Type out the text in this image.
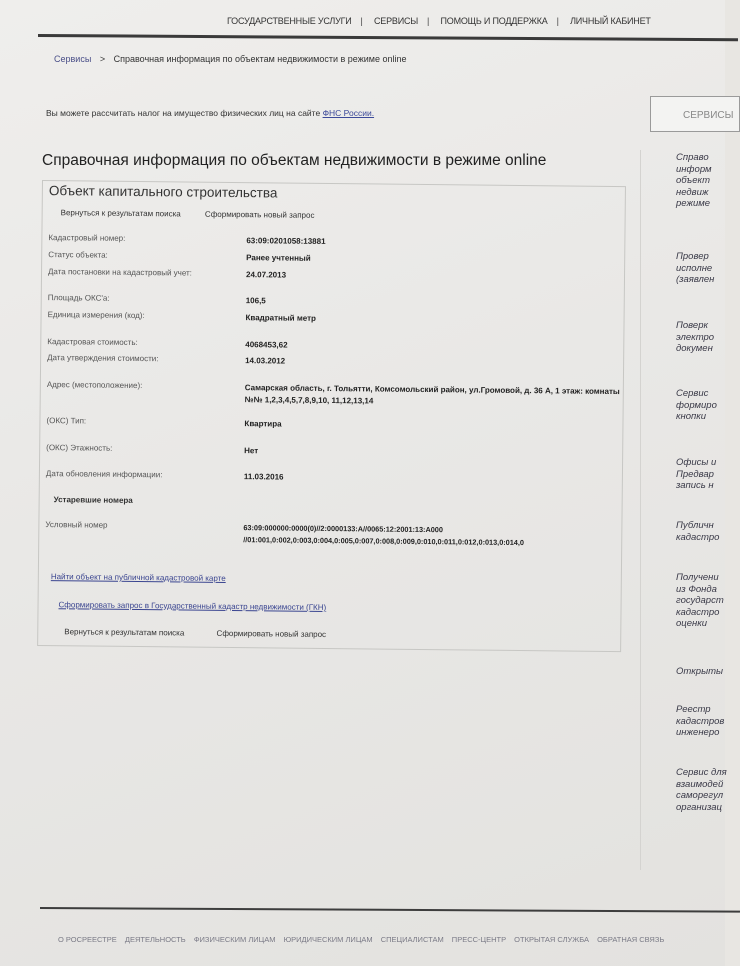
ГОСУДАРСТВЕННЫЕ УСЛУГИ | СЕРВИСЫ | ПОМОЩЬ И ПОДДЕРЖКА | ЛИЧНЫЙ КАБИНЕТ
Сервисы > Справочная информация по объектам недвижимости в режиме online
СЕРВИСЫ
Вы можете рассчитать налог на имущество физических лиц на сайте ФНС России.
Справочная информация по объектам недвижимости в режиме online
Объект капитального строительства
Вернуться к результатам поиска	Сформировать новый запрос
Кадастровый номер:	63:09:0201058:13881
Статус объекта:	Ранее учтенный
Дата постановки на кадастровый учет:	24.07.2013
Площадь ОКС'а:	106,5
Единица измерения (код):	Квадратный метр
Кадастровая стоимость:	4068453,62
Дата утверждения стоимости:	14.03.2012
Адрес (местоположение):	Самарская область, г. Тольятти, Комсомольский район, ул.Громовой, д. 36 А, 1 этаж: комнаты №№ 1,2,3,4,5,7,8,9,10, 11,12,13,14
(ОКС) Тип:	Квартира
(ОКС) Этажность:	Нет
Дата обновления информации:	11.03.2016
Устаревшие номера
Условный номер	63:09:000000:0000(0)//2:0000133:А//0065:12:2001:13:А000 //01:001,0:002,0:003,0:004,0:005,0:007,0:008,0:009,0:010,0:011,0:012,0:013,0:014,0
Найти объект на публичной кадастровой карте
Сформировать запрос в Государственный кадастр недвижимости (ГКН)
Вернуться к результатам поиска	Сформировать новый запрос
Справо
информ
объект
недвиж
режиме
Провер
исполне
(заявлен
Поверк
электро
докумен
Сервис
формиро
кнопки
Офисы и
Предвар
запись н
Публичн
кадастро
Получени
из Фонда
государст
кадастро
оценки
Открыты
Реестр
кадастров
инженеро
Сервис для
взаимодей
саморегул
организац
О РОСРЕЕСТРЕ ДЕЯТЕЛЬНОСТЬ ФИЗИЧЕСКИМ ЛИЦАМ ЮРИДИЧЕСКИМ ЛИЦАМ СПЕЦИАЛИСТАМ ПРЕСС-ЦЕНТР ОТКРЫТАЯ СЛУЖБА ОБРАТНАЯ СВЯЗЬ
